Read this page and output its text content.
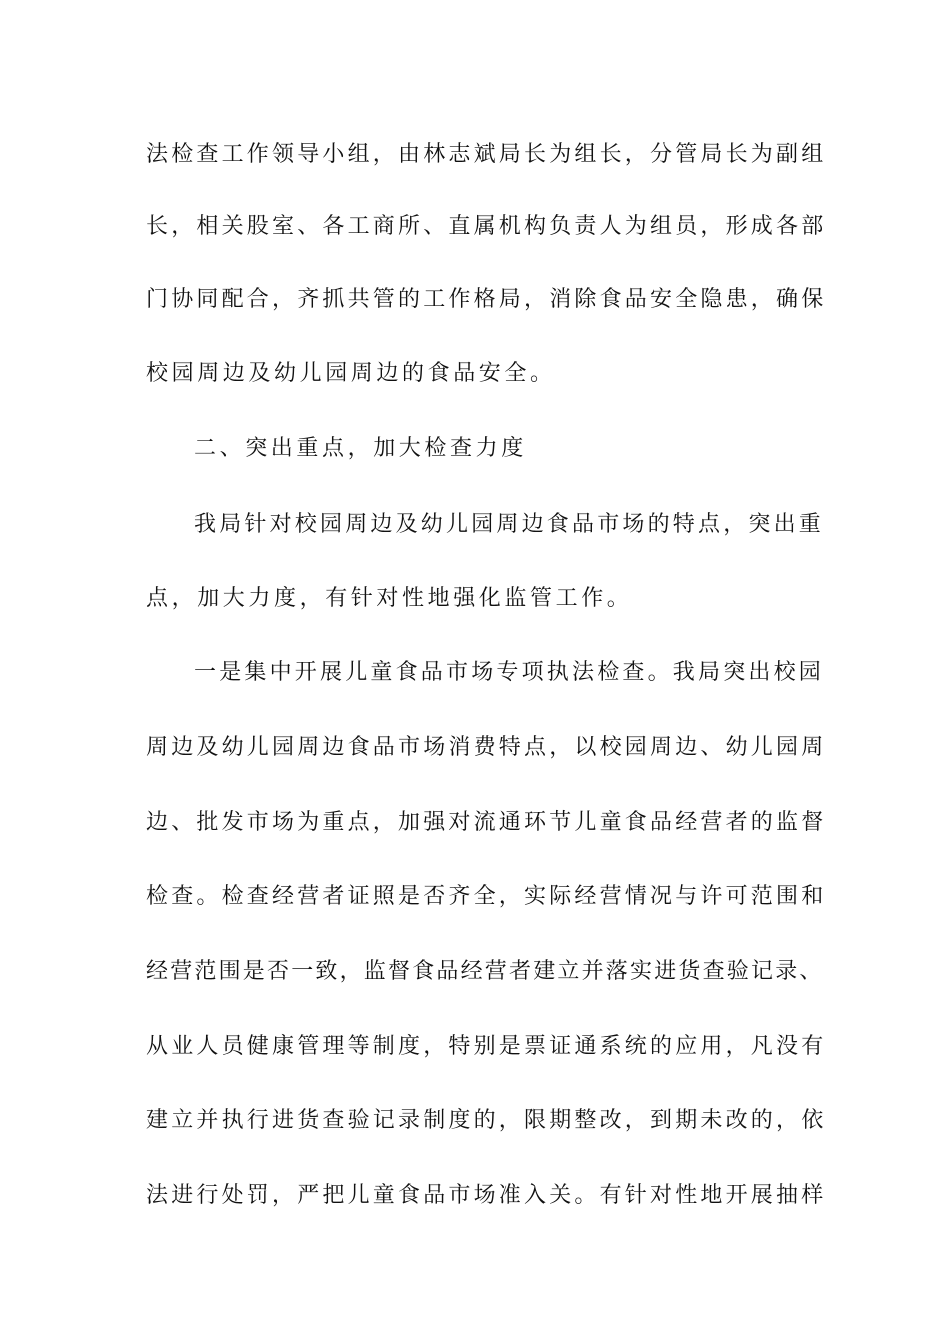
法检查工作领导小组，由林志斌局长为组长，分管局长为副组
长，相关股室、各工商所、直属机构负责人为组员，形成各部
门协同配合，齐抓共管的工作格局，消除食品安全隐患，确保
校园周边及幼儿园周边的食品安全。
二、突出重点，加大检查力度
我局针对校园周边及幼儿园周边食品市场的特点，突出重
点，加大力度，有针对性地强化监管工作。
一是集中开展儿童食品市场专项执法检查。我局突出校园
周边及幼儿园周边食品市场消费特点，以校园周边、幼儿园周
边、批发市场为重点，加强对流通环节儿童食品经营者的监督
检查。检查经营者证照是否齐全，实际经营情况与许可范围和
经营范围是否一致，监督食品经营者建立并落实进货查验记录、
从业人员健康管理等制度，特别是票证通系统的应用，凡没有
建立并执行进货查验记录制度的，限期整改，到期未改的，依
法进行处罚，严把儿童食品市场准入关。有针对性地开展抽样
